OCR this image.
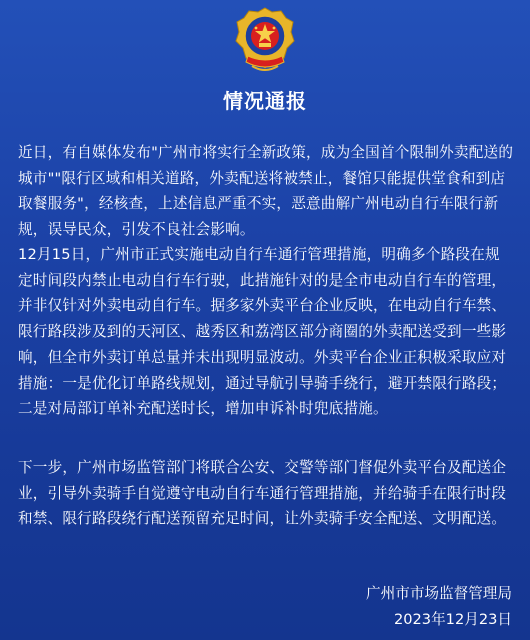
情况通报
近日，有自媒体发布"广州市将实行全新政策，成为全国首个限制外卖配送的城市""限行区域和相关道路，外卖配送将被禁止，餐馆只能提供堂食和到店取餐服务"，经核查，上述信息严重不实，恶意曲解广州电动自行车限行新规，误导民众，引发不良社会影响。
12月15日，广州市正式实施电动自行车通行管理措施，明确多个路段在规定时间段内禁止电动自行车行驶，此措施针对的是全市电动自行车的管理，并非仅针对外卖电动自行车。据多家外卖平台企业反映，在电动自行车禁、限行路段涉及到的天河区、越秀区和荔湾区部分商圈的外卖配送受到一些影响，但全市外卖订单总量并未出现明显波动。外卖平台企业正积极采取应对措施：一是优化订单路线规划，通过导航引导骑手绕行，避开禁限行路段；二是对局部订单补充配送时长，增加申诉补时兜底措施。
下一步，广州市场监管部门将联合公安、交警等部门督促外卖平台及配送企业，引导外卖骑手自觉遵守电动自行车通行管理措施，并给骑手在限行时段和禁、限行路段绕行配送预留充足时间，让外卖骑手安全配送、文明配送。
广州市市场监督管理局
2023年12月23日
